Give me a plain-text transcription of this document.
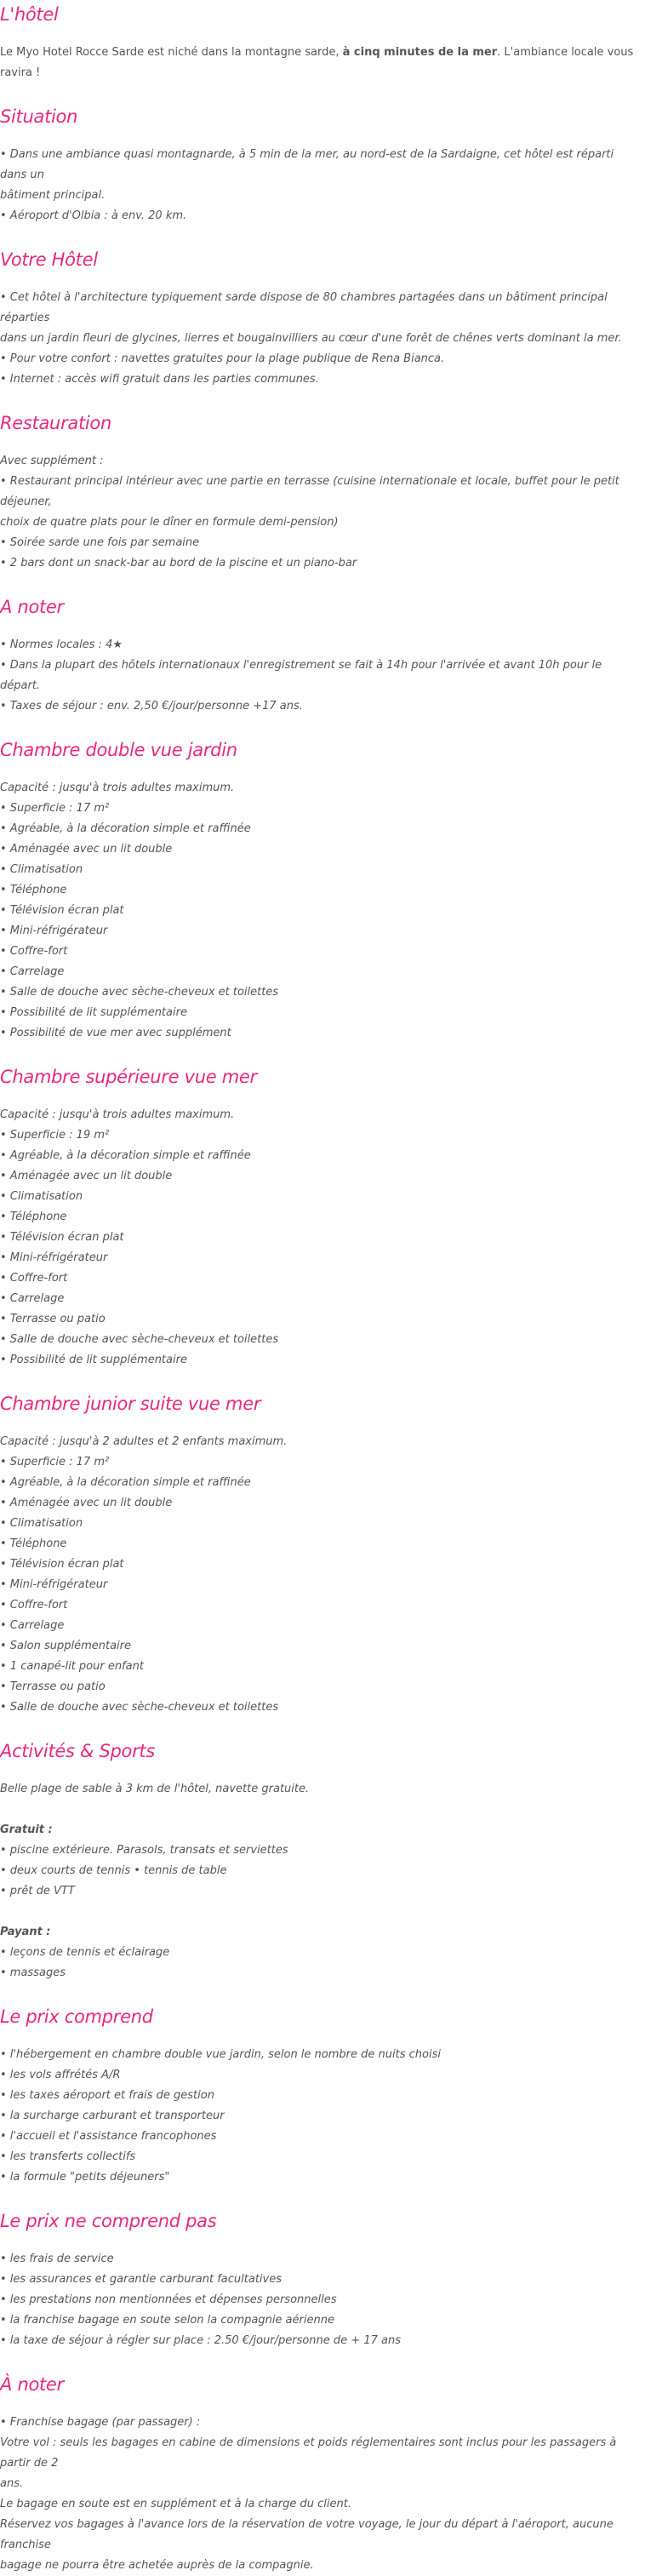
L'hôtel

Le Myo Hotel Rocce Sarde est niché dans la montagne sarde, à cinq minutes de la mer. L'ambiance locale vous ravira !

Situation
• Dans une ambiance quasi montagnarde, à 5 min de la mer, au nord-est de la Sardaigne, cet hôtel est réparti dans un
bâtiment principal.
• Aéroport d'Olbia : à env. 20 km.
Votre Hôtel
• Cet hôtel à l'architecture typiquement sarde dispose de 80 chambres partagées dans un bâtiment principal réparties
dans un jardin fleuri de glycines, lierres et bougainvilliers au cœur d'une forêt de chênes verts dominant la mer.
• Pour votre confort : navettes gratuites pour la plage publique de Rena Bianca.
• Internet : accès wifi gratuit dans les parties communes.
Restauration
Avec supplément :
• Restaurant principal intérieur avec une partie en terrasse (cuisine internationale et locale, buffet pour le petit déjeuner,
choix de quatre plats pour le dîner en formule demi-pension)
• Soirée sarde une fois par semaine
• 2 bars dont un snack-bar au bord de la piscine et un piano-bar
A noter
• Normes locales : 4★
• Dans la plupart des hôtels internationaux l'enregistrement se fait à 14h pour l'arrivée et avant 10h pour le départ.
• Taxes de séjour : env. 2,50 €/jour/personne +17 ans.
Chambre double vue jardin
Capacité : jusqu'à trois adultes maximum.
• Superficie : 17 m²
• Agréable, à la décoration simple et raffinée
• Aménagée avec un lit double
• Climatisation
• Téléphone
• Télévision écran plat
• Mini-réfrigérateur
• Coffre-fort
• Carrelage
• Salle de douche avec sèche-cheveux et toilettes
• Possibilité de lit supplémentaire
• Possibilité de vue mer avec supplément
Chambre supérieure vue mer
Capacité : jusqu'à trois adultes maximum.
• Superficie : 19 m²
• Agréable, à la décoration simple et raffinée
• Aménagée avec un lit double
• Climatisation
• Téléphone
• Télévision écran plat
• Mini-réfrigérateur
• Coffre-fort
• Carrelage
• Terrasse ou patio
• Salle de douche avec sèche-cheveux et toilettes
• Possibilité de lit supplémentaire
Chambre junior suite vue mer
Capacité : jusqu'à 2 adultes et 2 enfants maximum.
• Superficie : 17 m²
• Agréable, à la décoration simple et raffinée
• Aménagée avec un lit double
• Climatisation
• Téléphone
• Télévision écran plat
• Mini-réfrigérateur
• Coffre-fort
• Carrelage
• Salon supplémentaire
• 1 canapé-lit pour enfant
• Terrasse ou patio
• Salle de douche avec sèche-cheveux et toilettes
Activités & Sports
Belle plage de sable à 3 km de l'hôtel, navette gratuite.
Gratuit :
• piscine extérieure. Parasols, transats et serviettes
• deux courts de tennis • tennis de table
• prêt de VTT
Payant :
• leçons de tennis et éclairage
• massages
Le prix comprend
• l'hébergement en chambre double vue jardin, selon le nombre de nuits choisi
• les vols affrétés A/R
• les taxes aéroport et frais de gestion
• la surcharge carburant et transporteur
• l'accueil et l'assistance francophones
• les transferts collectifs
• la formule "petits déjeuners"
Le prix ne comprend pas
• les frais de service
• les assurances et garantie carburant facultatives
• les prestations non mentionnées et dépenses personnelles
• la franchise bagage en soute selon la compagnie aérienne
• la taxe de séjour à régler sur place : 2.50 €/jour/personne de + 17 ans
À noter
• Franchise bagage (par passager) :
Votre vol : seuls les bagages en cabine de dimensions et poids réglementaires sont inclus pour les passagers à partir de 2
ans.
Le bagage en soute est en supplément et à la charge du client.
Réservez vos bagages à l'avance lors de la réservation de votre voyage, le jour du départ à l'aéroport, aucune franchise
bagage ne pourra être achetée auprès de la compagnie.
